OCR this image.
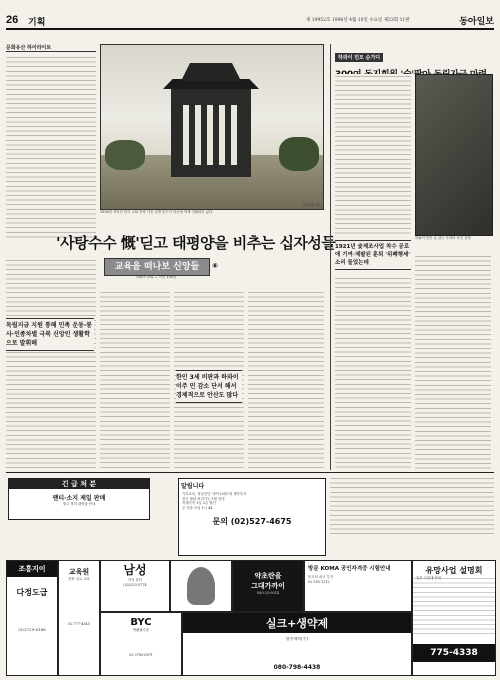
26 기획	제 19952호 1996년 4월 10일 수요일 제23회 11판	동아일보
문화유산 하이라이트
동아일보 자료
1996년 지어진 한국 교회 건축 사진 설명 문구가 이곳에 작게 인쇄되어 있다.
'사탕수수 慨'딛고 태평양을 비추는 십자성들
교육을 떠나보 신앙들	⑥
하와이 교회 — 이민 100년
독립지금 지원 통해 민족 운동·봉사·인종차별 극복 신앙인 생활학으로 발휘해
한인 3세 비판과 하와이 이주 민 감소 단서 해서 경제적으로 안산도 많다
하와이 민모 순가디
하와이 한인 숯 굽는 가마터 사진 설명
1921년 숯제조사업 착수 공로에 기여·제팔된 훈퇴 '위폐행세' 소리 들었는데
긴 급 처 분
팬티·소지 제일 판매
재고 정리 대방출 안내
알립니다
기록소독, 정밀진단, 바이오메트릭 계약부서
전국 방관 처리기능 1월 안내
직계가족 1일 2급 할인
주 미술 모임 1시 44
문의 (02)527-4675
조흥지이
다정도급
(02)729-6186
교육원
현장 실무 교육
02-777-4545
남성
자석 관리
(02)323-5774
약초란을
그대가까이
080-23-0014
방문 KOMA 공인자격증 시험안내
미국의 외국 투자
02-555-1212
유망사업 설명회
일부 시간대 안내
775-4338
BYC
생활필수품
02-3785-0871
실크+생약제
광풍제약(주)
080-798-4438
